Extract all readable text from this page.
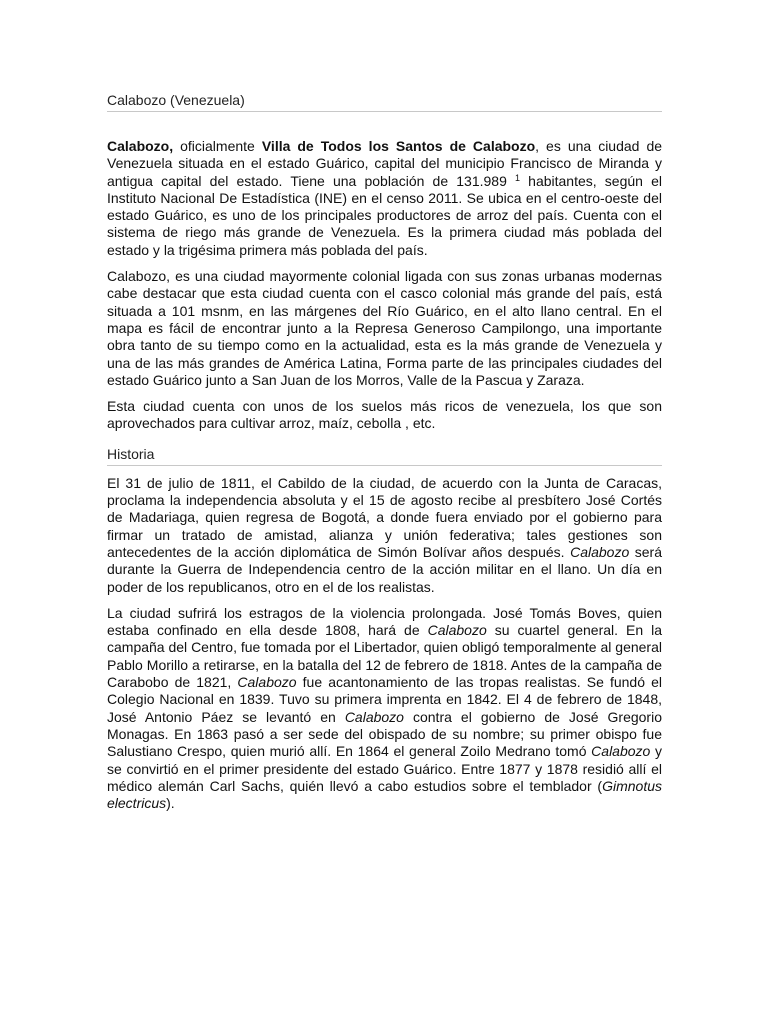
Calabozo (Venezuela)

Calabozo, oficialmente Villa de Todos los Santos de Calabozo, es una ciudad de Venezuela situada en el estado Guárico, capital del municipio Francisco de Miranda y antigua capital del estado. Tiene una población de 131.989 $^1$ habitantes, según el Instituto Nacional De Estadística (INE) en el censo 2011. Se ubica en el centro-oeste del estado Guárico, es uno de los principales productores de arroz del país. Cuenta con el sistema de riego más grande de Venezuela. Es la primera ciudad más poblada del estado y la trigésima primera más poblada del país.

Calabozo, es una ciudad mayormente colonial ligada con sus zonas urbanas modernas cabe destacar que esta ciudad cuenta con el casco colonial más grande del país, está situada a 101 msnm, en las márgenes del Río Guárico, en el alto llano central. En el mapa es fácil de encontrar junto a la Represa Generoso Campilongo, una importante obra tanto de su tiempo como en la actualidad, esta es la más grande de Venezuela y una de las más grandes de América Latina, Forma parte de las principales ciudades del estado Guárico junto a San Juan de los Morros, Valle de la Pascua y Zaraza.

Esta ciudad cuenta con unos de los suelos más ricos de venezuela, los que son aprovechados para cultivar arroz, maíz, cebolla , etc.

Historia

El 31 de julio de 1811, el Cabildo de la ciudad, de acuerdo con la Junta de Caracas, proclama la independencia absoluta y el 15 de agosto recibe al presbítero José Cortés de Madariaga, quien regresa de Bogotá, a donde fuera enviado por el gobierno para firmar un tratado de amistad, alianza y unión federativa; tales gestiones son antecedentes de la acción diplomática de Simón Bolívar años después. Calabozo será durante la Guerra de Independencia centro de la acción militar en el llano. Un día en poder de los republicanos, otro en el de los realistas.

La ciudad sufrirá los estragos de la violencia prolongada. José Tomás Boves, quien estaba confinado en ella desde 1808, hará de Calabozo su cuartel general. En la campaña del Centro, fue tomada por el Libertador, quien obligó temporalmente al general Pablo Morillo a retirarse, en la batalla del 12 de febrero de 1818. Antes de la campaña de Carabobo de 1821, Calabozo fue acantonamiento de las tropas realistas. Se fundó el Colegio Nacional en 1839. Tuvo su primera imprenta en 1842. El 4 de febrero de 1848, José Antonio Páez se levantó en Calabozo contra el gobierno de José Gregorio Monagas. En 1863 pasó a ser sede del obispado de su nombre; su primer obispo fue Salustiano Crespo, quien murió allí. En 1864 el general Zoilo Medrano tomó Calabozo y se convirtió en el primer presidente del estado Guárico. Entre 1877 y 1878 residió allí el médico alemán Carl Sachs, quién llevó a cabo estudios sobre el temblador (Gimnotus electricus).
